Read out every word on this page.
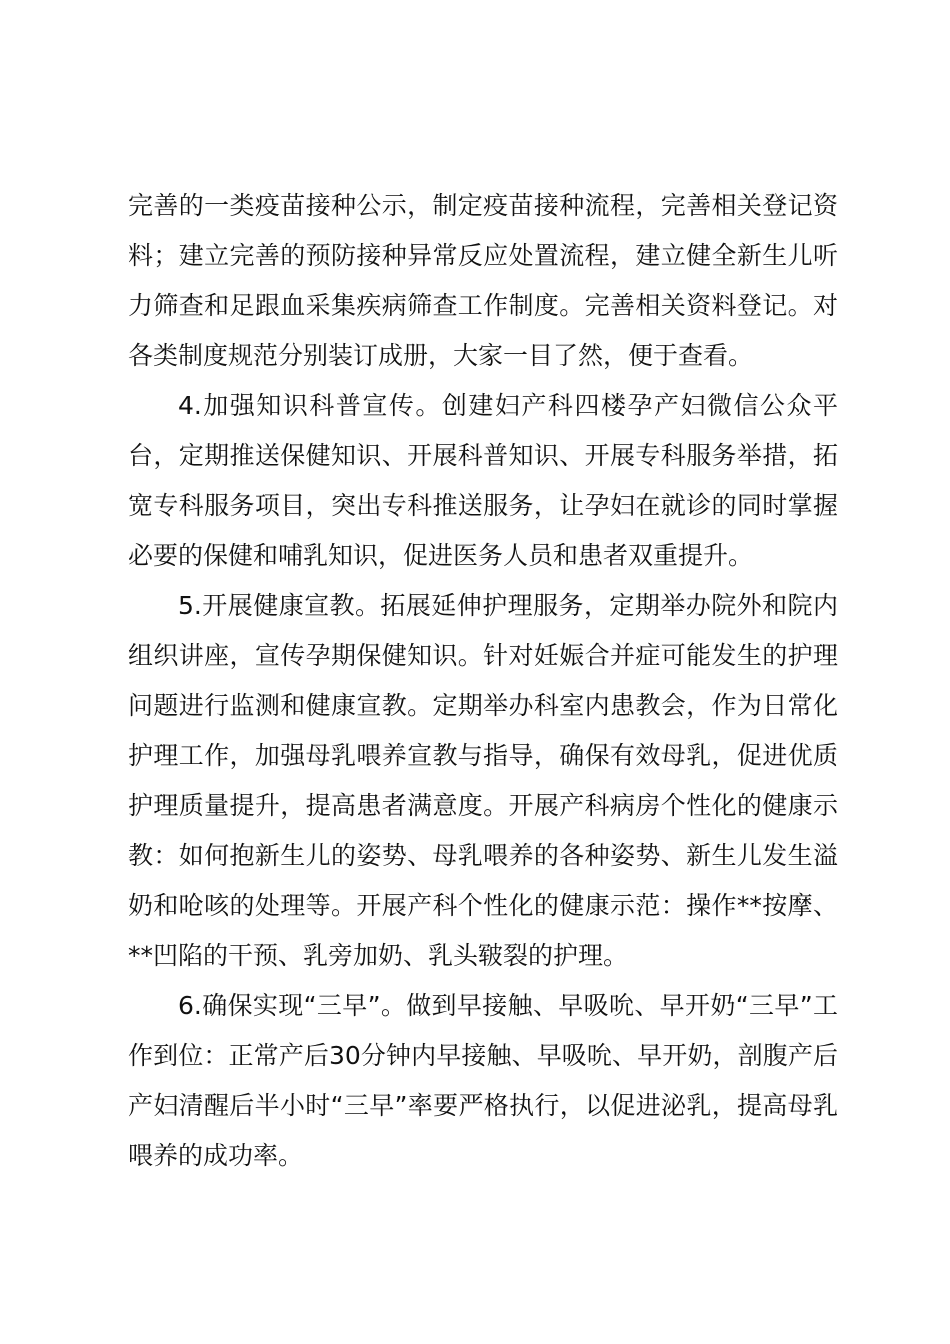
完善的一类疫苗接种公示，制定疫苗接种流程，完善相关登记资料；建立完善的预防接种异常反应处置流程，建立健全新生儿听力筛查和足跟血采集疾病筛查工作制度。完善相关资料登记。对各类制度规范分别装订成册，大家一目了然，便于查看。

4.加强知识科普宣传。创建妇产科四楼孕产妇微信公众平台，定期推送保健知识、开展科普知识、开展专科服务举措，拓宽专科服务项目，突出专科推送服务，让孕妇在就诊的同时掌握必要的保健和哺乳知识，促进医务人员和患者双重提升。

5.开展健康宣教。拓展延伸护理服务，定期举办院外和院内组织讲座，宣传孕期保健知识。针对妊娠合并症可能发生的护理问题进行监测和健康宣教。定期举办科室内患教会，作为日常化护理工作，加强母乳喂养宣教与指导，确保有效母乳，促进优质护理质量提升，提高患者满意度。开展产科病房个性化的健康示教：如何抱新生儿的姿势、母乳喂养的各种姿势、新生儿发生溢奶和呛咳的处理等。开展产科个性化的健康示范：操作**按摩、**凹陷的干预、乳旁加奶、乳头皲裂的护理。

6.确保实现“三早”。做到早接触、早吸吮、早开奶“三早”工作到位：正常产后30分钟内早接触、早吸吮、早开奶，剖腹产后产妇清醒后半小时“三早”率要严格执行，以促进泌乳，提高母乳喂养的成功率。
